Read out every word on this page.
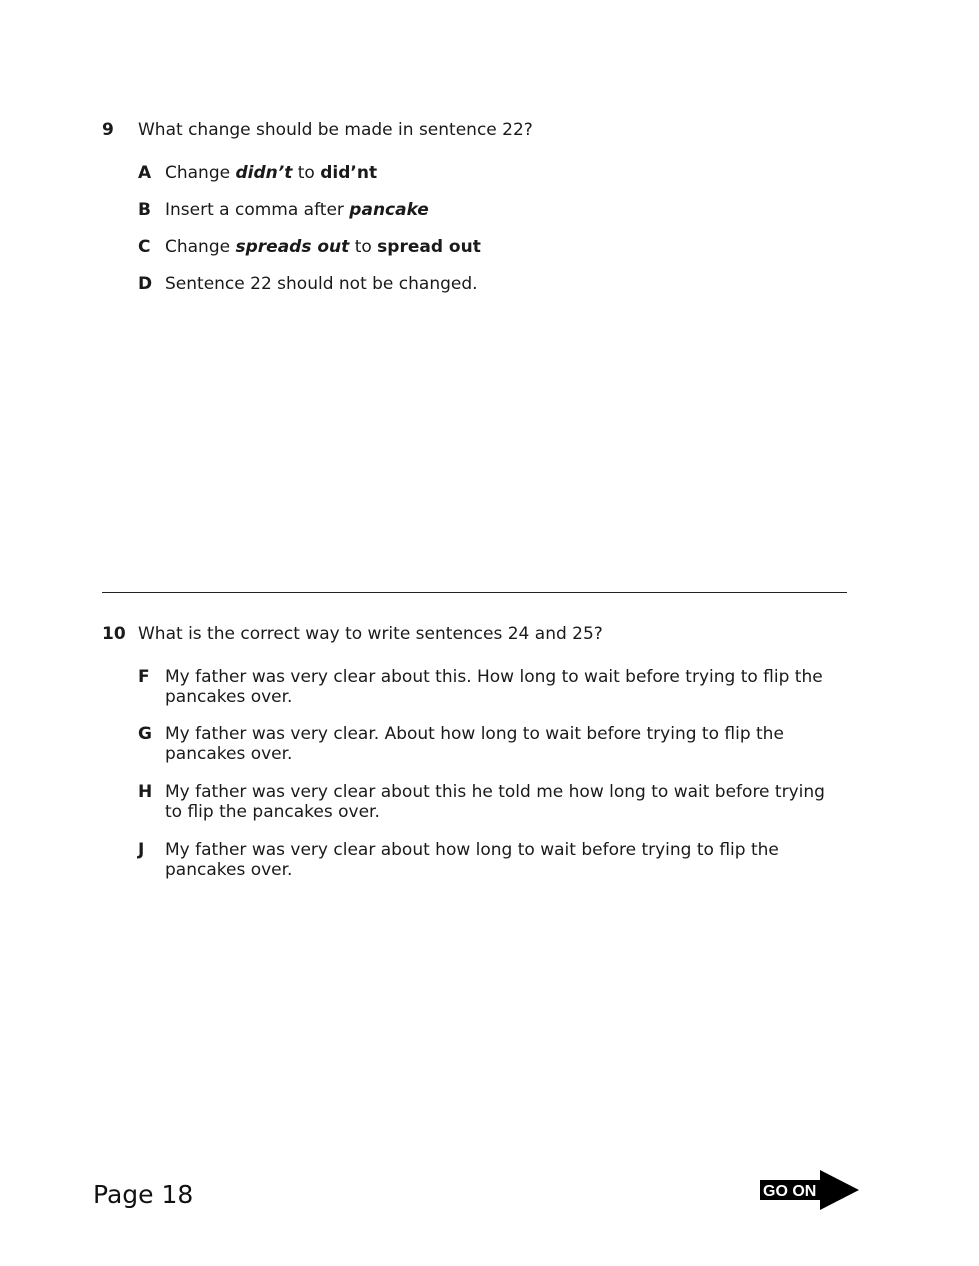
9 What change should be made in sentence 22?
A Change didn’t to did’nt
B Insert a comma after pancake
C Change spreads out to spread out
D Sentence 22 should not be changed.
10 What is the correct way to write sentences 24 and 25?
F My father was very clear about this. How long to wait before trying to flip the pancakes over.
G My father was very clear. About how long to wait before trying to flip the pancakes over.
H My father was very clear about this he told me how long to wait before trying to flip the pancakes over.
J My father was very clear about how long to wait before trying to flip the pancakes over.
Page 18	GO ON
